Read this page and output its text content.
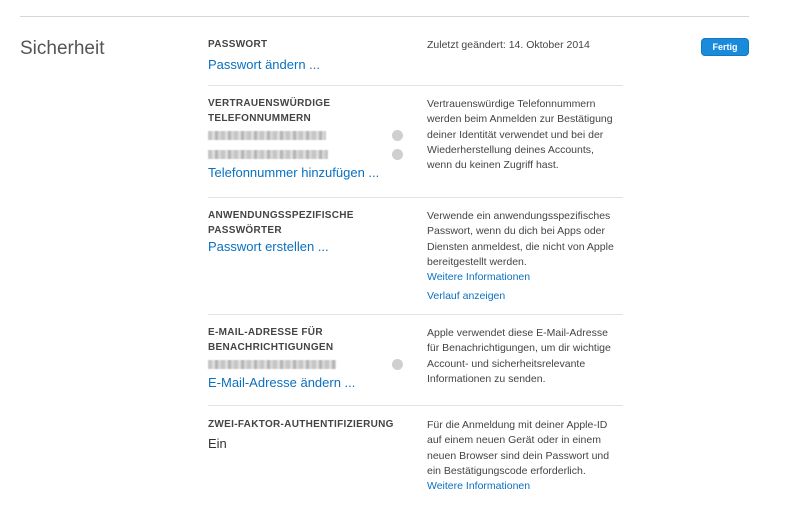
Sicherheit	Fertig
PASSWORT
Passwort ändern ...
Zuletzt geändert: 14. Oktober 2014
VERTRAUENSWÜRDIGE
TELEFONNUMMERN
Telefonnummer hinzufügen ...
Vertrauenswürdige Telefonnummern
werden beim Anmelden zur Bestätigung
deiner Identität verwendet und bei der
Wiederherstellung deines Accounts,
wenn du keinen Zugriff hast.
ANWENDUNGSSPEZIFISCHE
PASSWÖRTER
Passwort erstellen ...
Verwende ein anwendungsspezifisches
Passwort, wenn du dich bei Apps oder
Diensten anmeldest, die nicht von Apple
bereitgestellt werden.
Weitere Informationen
Verlauf anzeigen
E-MAIL-ADRESSE FÜR
BENACHRICHTIGUNGEN
E-Mail-Adresse ändern ...
Apple verwendet diese E-Mail-Adresse
für Benachrichtigungen, um dir wichtige
Account- und sicherheitsrelevante
Informationen zu senden.
ZWEI-FAKTOR-AUTHENTIFIZIERUNG
Ein
Für die Anmeldung mit deiner Apple-ID
auf einem neuen Gerät oder in einem
neuen Browser sind dein Passwort und
ein Bestätigungscode erforderlich.
Weitere Informationen
